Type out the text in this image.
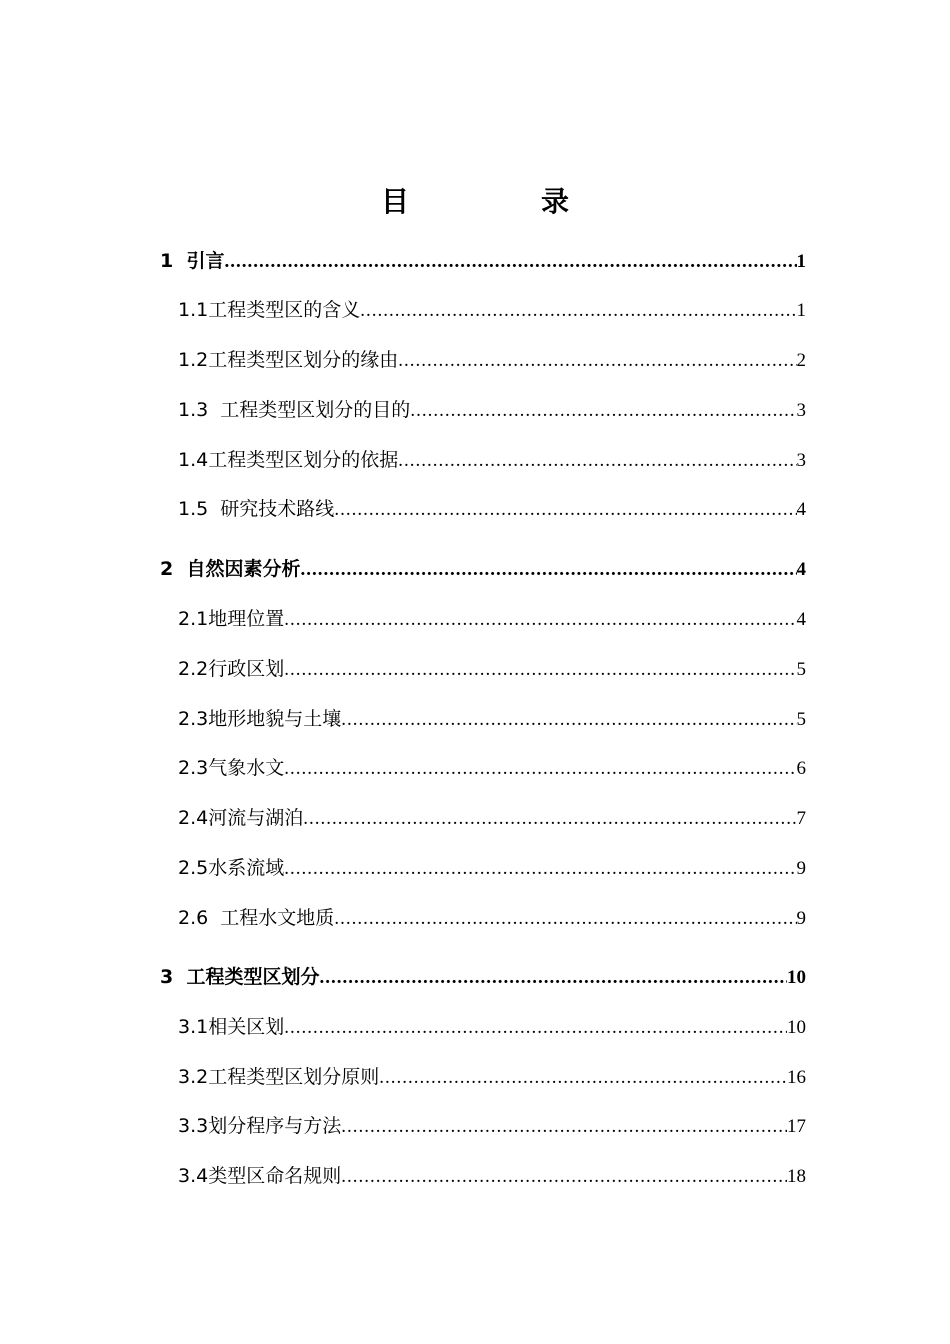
目　录
1 引言 .....	1
1.1 工程类型区的含义 .....	1
1.2 工程类型区划分的缘由 .....	2
1.3 工程类型区划分的目的 .....	3
1.4 工程类型区划分的依据 .....	3
1.5 研究技术路线 .....	4
2 自然因素分析 .....	4
2.1 地理位置 .....	4
2.2 行政区划 .....	5
2.3 地形地貌与土壤 .....	5
2.3 气象水文 .....	6
2.4 河流与湖泊 .....	7
2.5 水系流域 .....	9
2.6 工程水文地质 .....	9
3 工程类型区划分 .....	10
3.1 相关区划 .....	10
3.2 工程类型区划分原则 .....	16
3.3 划分程序与方法 .....	17
3.4 类型区命名规则 .....	18
